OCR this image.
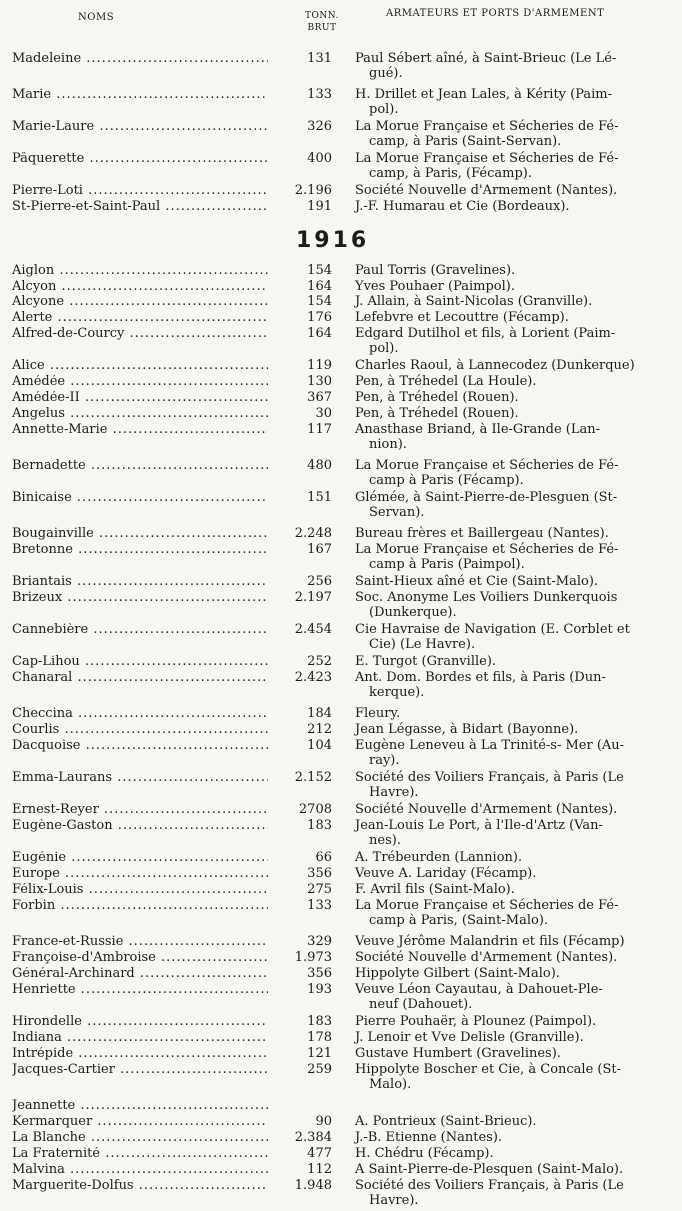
NOMS	TONN.
BRUT
ARMATEURS ET PORTS D'ARMEMENT
1916
Madeleine .....	131 Paul Sébert aîné, à Saint-Brieuc (Le Lé-
gué).
Marie .....	133 H. Drillet et Jean Lales, à Kérity (Paim-
pol).
Marie-Laure .....	326 La Morue Française et Sécheries de Fé-
camp, à Paris (Saint-Servan).
Pâquerette .....	400 La Morue Française et Sécheries de Fé-
camp, à Paris, (Fécamp).
Pierre-Loti .....	2.196 Société Nouvelle d'Armement (Nantes).
St-Pierre-et-Saint-Paul .....	191 J.-F. Humarau et Cie (Bordeaux).
Aiglon .....	154 Paul Torris (Gravelines).
Alcyon .....	164 Yves Pouhaer (Paimpol).
Alcyone .....	154 J. Allain, à Saint-Nicolas (Granville).
Alerte .....	176 Lefebvre et Lecouttre (Fécamp).
Alfred-de-Courcy .....	164 Edgard Dutilhol et fils, à Lorient (Paim-
pol).
Alice .....	119 Charles Raoul, à Lannecodez (Dunkerque)
Amédée .....	130 Pen, à Tréhedel (La Houle).
Amédée-II .....	367 Pen, à Tréhedel (Rouen).
Angelus .....	30 Pen, à Tréhedel (Rouen).
Annette-Marie .....	117 Anasthase Briand, à Ile-Grande (Lan-
nion).
Bernadette .....	480 La Morue Française et Sécheries de Fé-
camp à Paris (Fécamp).
Binicaise .....	151 Glémée, à Saint-Pierre-de-Plesguen (St-
Servan).
Bougainville .....	2.248 Bureau frères et Baillergeau (Nantes).
Bretonne .....	167 La Morue Française et Sécheries de Fé-
camp à Paris (Paimpol).
Briantais .....	256 Saint-Hieux aîné et Cie (Saint-Malo).
Brizeux .....	2.197 Soc. Anonyme Les Voiliers Dunkerquois
(Dunkerque).
Cannebière .....	2.454 Cie Havraise de Navigation (E. Corblet et
Cie) (Le Havre).
Cap-Lihou .....	252 E. Turgot (Granville).
Chanaral .....	2.423 Ant. Dom. Bordes et fils, à Paris (Dun-
kerque).
Checcina .....	184 Fleury.
Courlis .....	212 Jean Légasse, à Bidart (Bayonne).
Dacquoise .....	104 Eugène Leneveu à La Trinité-s- Mer (Au-
ray).
Emma-Laurans .....	2.152 Société des Voiliers Français, à Paris (Le
Havre).
Ernest-Reyer .....	2708 Société Nouvelle d'Armement (Nantes).
Eugène-Gaston .....	183 Jean-Louis Le Port, à l'Ile-d'Artz (Van-
nes).
Eugénie .....	66 A. Trébeurden (Lannion).
Europe .....	356 Veuve A. Lariday (Fécamp).
Félix-Louis .....	275 F. Avril fils (Saint-Malo).
Forbin .....	133 La Morue Française et Sécheries de Fé-
camp à Paris, (Saint-Malo).
France-et-Russie .....	329 Veuve Jérôme Malandrin et fils (Fécamp)
Françoise-d'Ambroise .....	1.973 Société Nouvelle d'Armement (Nantes).
Général-Archinard .....	356 Hippolyte Gilbert (Saint-Malo).
Henriette .....	193 Veuve Léon Cayautau, à Dahouet-Ple-
neuf (Dahouet).
Hirondelle .....	183 Pierre Pouhaër, à Plounez (Paimpol).
Indiana .....	178 J. Lenoir et Vve Delisle (Granville).
Intrépide .....	121 Gustave Humbert (Gravelines).
Jacques-Cartier .....	259 Hippolyte Boscher et Cie, à Concale (St-
Malo).
Jeannette .....
Kermarquer .....	90 A. Pontrieux (Saint-Brieuc).
La Blanche .....	2.384 J.-B. Etienne (Nantes).
La Fraternité .....	477 H. Chédru (Fécamp).
Malvina .....	112 A Saint-Pierre-de-Plesquen (Saint-Malo).
Marguerite-Dolfus .....	1.948 Société des Voiliers Français, à Paris (Le
Havre).
